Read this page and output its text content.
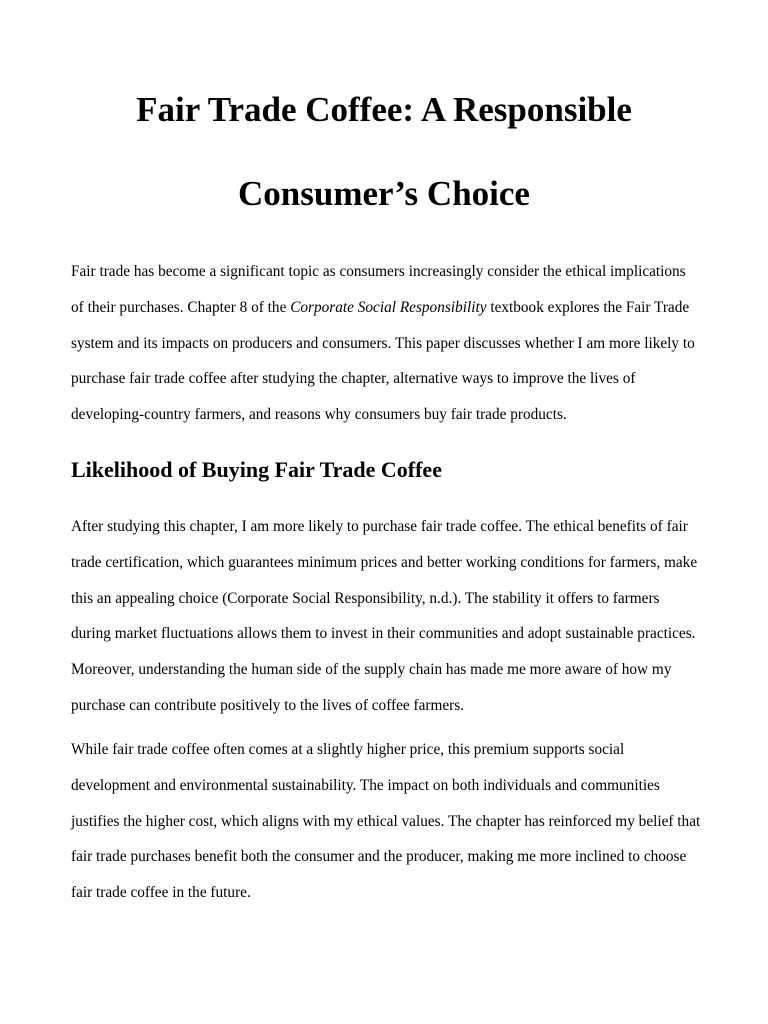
Fair Trade Coffee: A Responsible
Consumer’s Choice

Fair trade has become a significant topic as consumers increasingly consider the ethical implications of their purchases. Chapter 8 of the Corporate Social Responsibility textbook explores the Fair Trade system and its impacts on producers and consumers. This paper discusses whether I am more likely to purchase fair trade coffee after studying the chapter, alternative ways to improve the lives of developing-country farmers, and reasons why consumers buy fair trade products.

Likelihood of Buying Fair Trade Coffee

After studying this chapter, I am more likely to purchase fair trade coffee. The ethical benefits of fair trade certification, which guarantees minimum prices and better working conditions for farmers, make this an appealing choice (Corporate Social Responsibility, n.d.). The stability it offers to farmers during market fluctuations allows them to invest in their communities and adopt sustainable practices. Moreover, understanding the human side of the supply chain has made me more aware of how my purchase can contribute positively to the lives of coffee farmers.

While fair trade coffee often comes at a slightly higher price, this premium supports social development and environmental sustainability. The impact on both individuals and communities justifies the higher cost, which aligns with my ethical values. The chapter has reinforced my belief that fair trade purchases benefit both the consumer and the producer, making me more inclined to choose fair trade coffee in the future.
